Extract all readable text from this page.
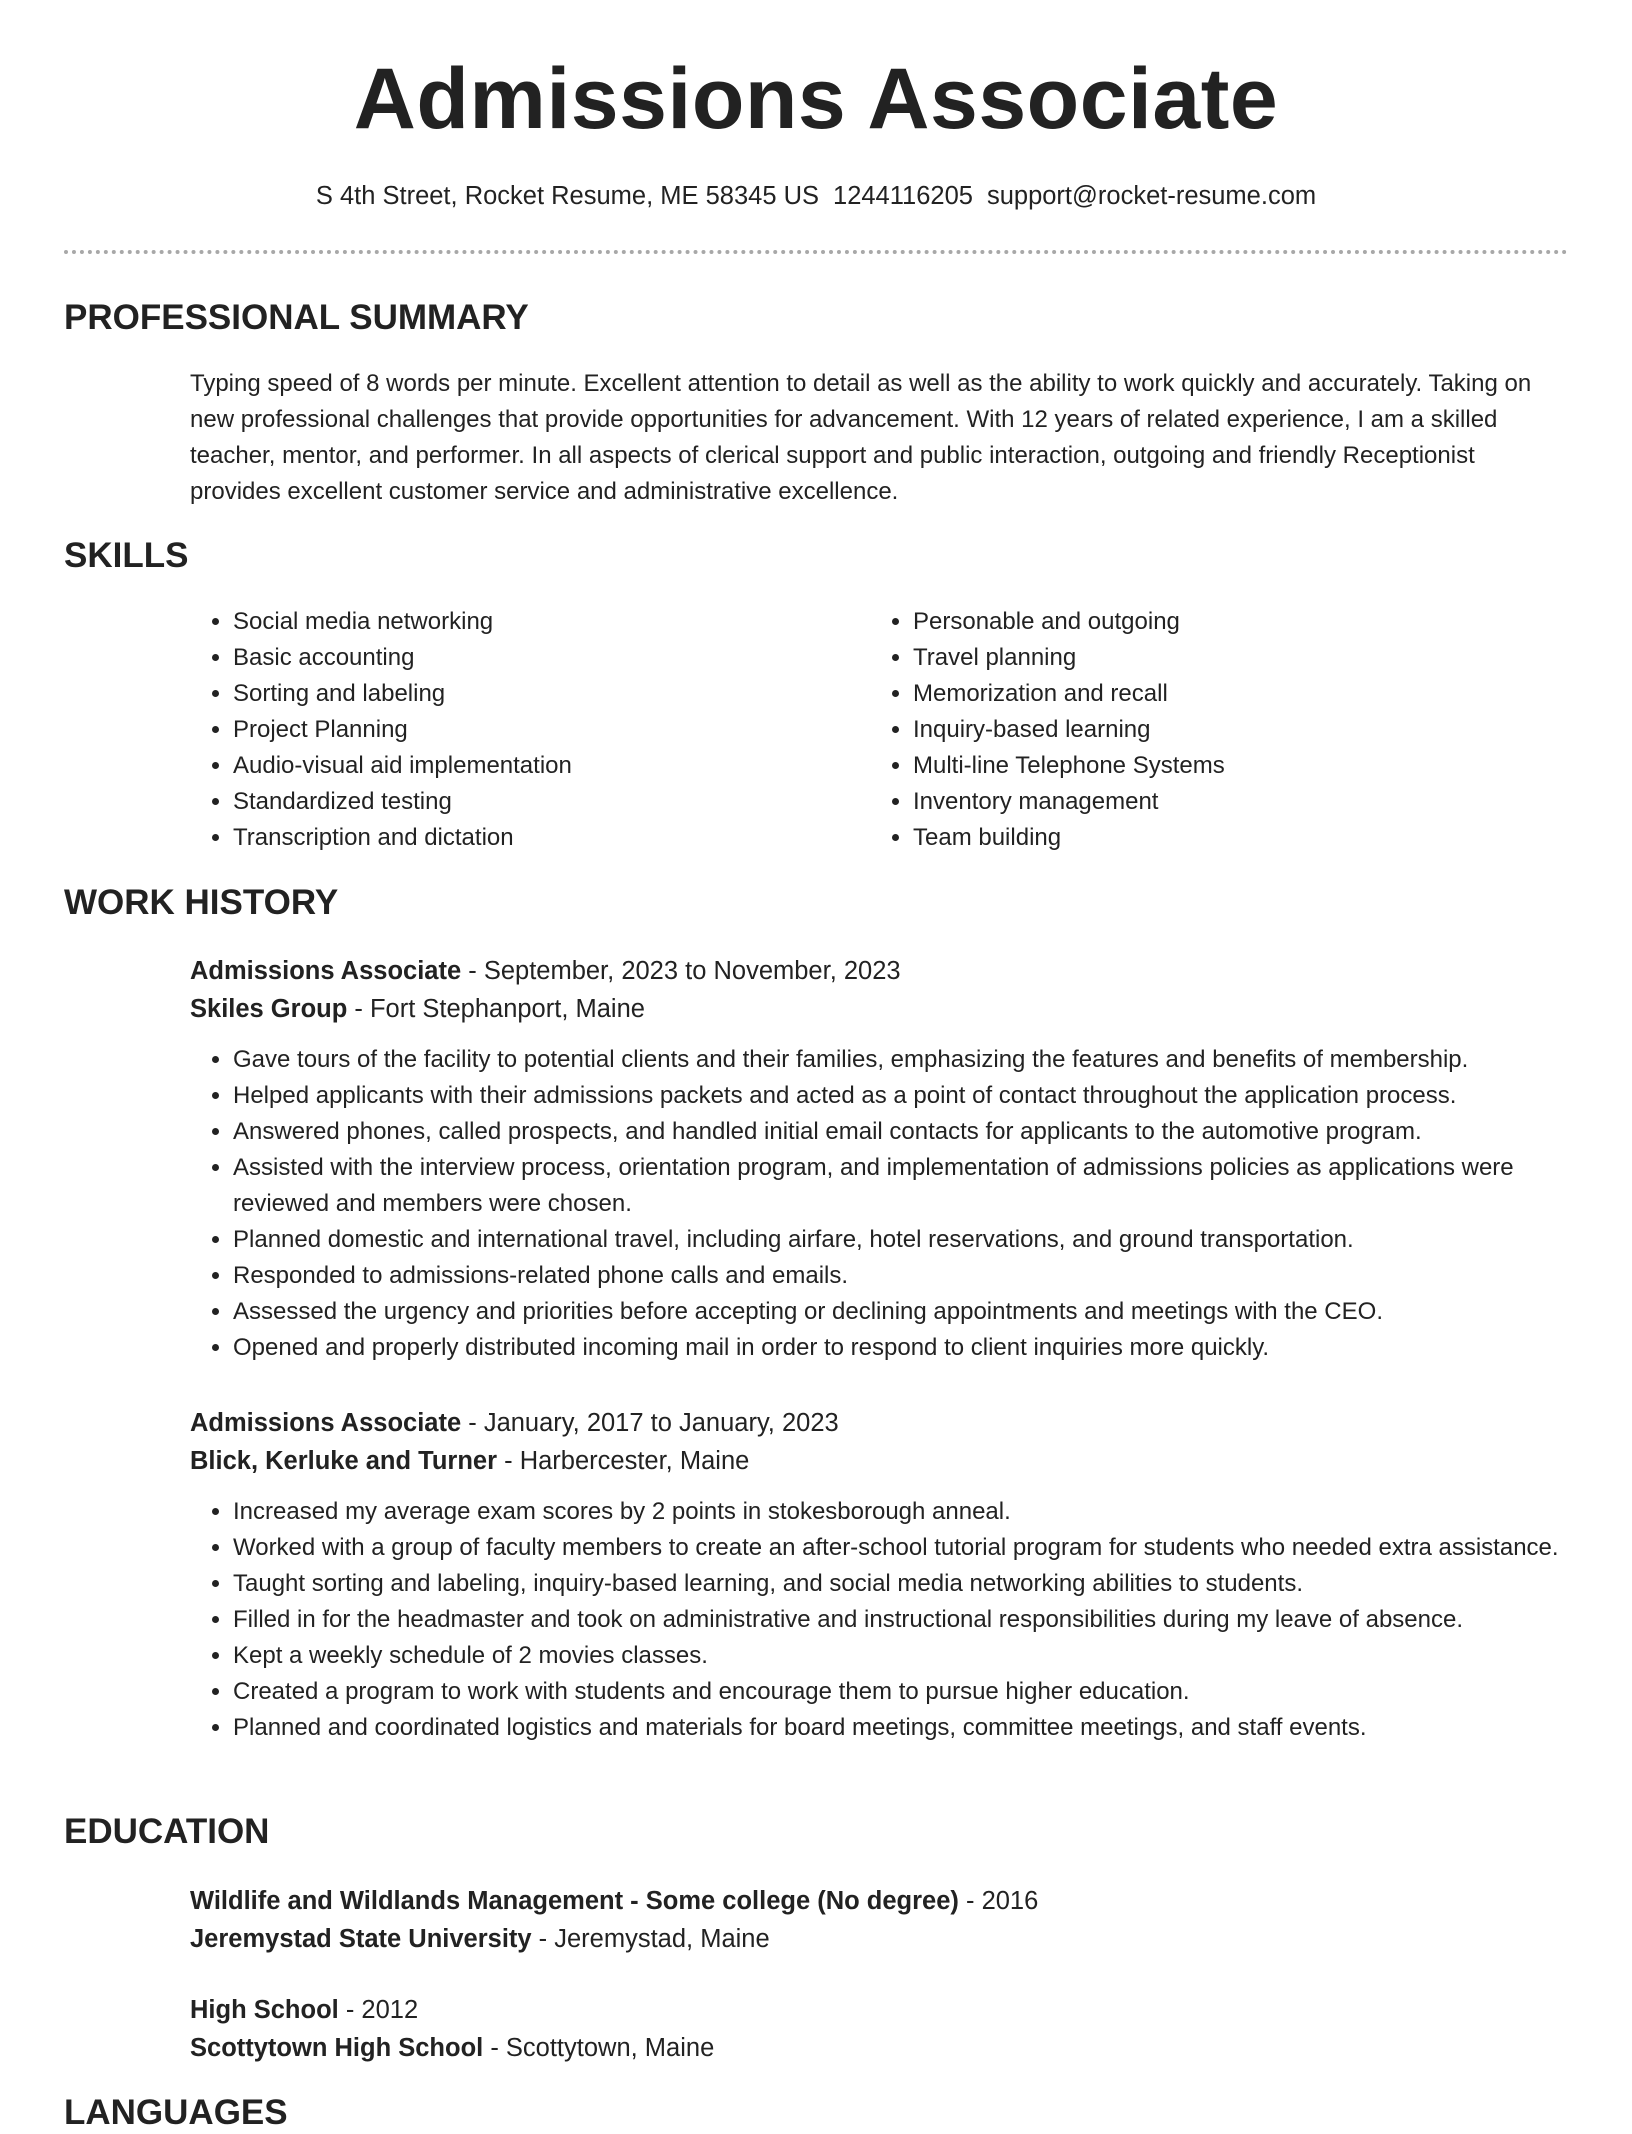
Admissions Associate
S 4th Street, Rocket Resume, ME 58345 US 1244116205 support@rocket-resume.com
PROFESSIONAL SUMMARY

Typing speed of 8 words per minute. Excellent attention to detail as well as the ability to work quickly and accurately. Taking on new professional challenges that provide opportunities for advancement. With 12 years of related experience, I am a skilled teacher, mentor, and performer. In all aspects of clerical support and public interaction, outgoing and friendly Receptionist provides excellent customer service and administrative excellence.

SKILLS
• Social media networking
• Basic accounting
• Sorting and labeling
• Project Planning
• Audio-visual aid implementation
• Standardized testing
• Transcription and dictation
• Personable and outgoing
• Travel planning
• Memorization and recall
• Inquiry-based learning
• Multi-line Telephone Systems
• Inventory management
• Team building
WORK HISTORY
Admissions Associate - September, 2023 to November, 2023
Skiles Group - Fort Stephanport, Maine
• Gave tours of the facility to potential clients and their families, emphasizing the features and benefits of membership.
• Helped applicants with their admissions packets and acted as a point of contact throughout the application process.
• Answered phones, called prospects, and handled initial email contacts for applicants to the automotive program.
• Assisted with the interview process, orientation program, and implementation of admissions policies as applications were reviewed and members were chosen.
• Planned domestic and international travel, including airfare, hotel reservations, and ground transportation.
• Responded to admissions-related phone calls and emails.
• Assessed the urgency and priorities before accepting or declining appointments and meetings with the CEO.
• Opened and properly distributed incoming mail in order to respond to client inquiries more quickly.
Admissions Associate - January, 2017 to January, 2023
Blick, Kerluke and Turner - Harbercester, Maine
• Increased my average exam scores by 2 points in stokesborough anneal.
• Worked with a group of faculty members to create an after-school tutorial program for students who needed extra assistance.
• Taught sorting and labeling, inquiry-based learning, and social media networking abilities to students.
• Filled in for the headmaster and took on administrative and instructional responsibilities during my leave of absence.
• Kept a weekly schedule of 2 movies classes.
• Created a program to work with students and encourage them to pursue higher education.
• Planned and coordinated logistics and materials for board meetings, committee meetings, and staff events.
EDUCATION
Wildlife and Wildlands Management - Some college (No degree) - 2016
Jeremystad State University - Jeremystad, Maine
High School - 2012
Scottytown High School - Scottytown, Maine
LANGUAGES
